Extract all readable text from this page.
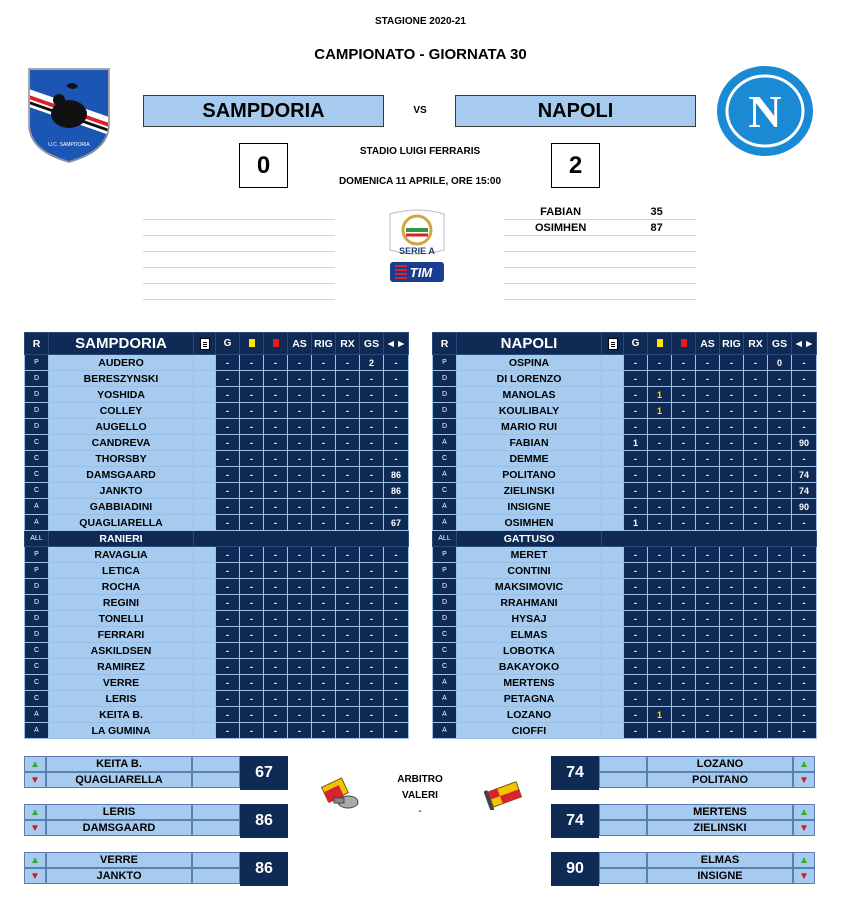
STAGIONE 2020-21
CAMPIONATO - GIORNATA 30
U.C. SAMPDORIA
N
SAMPDORIA	VS	NAPOLI
0	2
STADIO LUIGI FERRARIS
DOMENICA 11 APRILE, ORE 15:00
FABIAN	35
OSIMHEN	87
SERIE A
TIM
R	SAMPDORIA		G			AS	RIG	RX	GS	◄►
P	AUDERO		-	-	-	-	-	-	2	-
D	BERESZYNSKI		-	-	-	-	-	-	-	-
D	YOSHIDA		-	-	-	-	-	-	-	-
D	COLLEY		-	-	-	-	-	-	-	-
D	AUGELLO		-	-	-	-	-	-	-	-
C	CANDREVA		-	-	-	-	-	-	-	-
C	THORSBY		-	-	-	-	-	-	-	-
C	DAMSGAARD		-	-	-	-	-	-	-	86
C	JANKTO		-	-	-	-	-	-	-	86
A	GABBIADINI		-	-	-	-	-	-	-	-
A	QUAGLIARELLA		-	-	-	-	-	-	-	67
ALL	RANIERI									
P	RAVAGLIA		-	-	-	-	-	-	-	-
P	LETICA		-	-	-	-	-	-	-	-
D	ROCHA		-	-	-	-	-	-	-	-
D	REGINI		-	-	-	-	-	-	-	-
D	TONELLI		-	-	-	-	-	-	-	-
D	FERRARI		-	-	-	-	-	-	-	-
C	ASKILDSEN		-	-	-	-	-	-	-	-
C	RAMIREZ		-	-	-	-	-	-	-	-
C	VERRE		-	-	-	-	-	-	-	-
C	LERIS		-	-	-	-	-	-	-	-
A	KEITA B.		-	-	-	-	-	-	-	-
A	LA GUMINA		-	-	-	-	-	-	-	-
R	NAPOLI		G			AS	RIG	RX	GS	◄►
P	OSPINA		-	-	-	-	-	-	0	-
D	DI LORENZO		-	-	-	-	-	-	-	-
D	MANOLAS		-	1	-	-	-	-	-	-
D	KOULIBALY		-	1	-	-	-	-	-	-
D	MARIO RUI		-	-	-	-	-	-	-	-
A	FABIAN		1	-	-	-	-	-	-	90
C	DEMME		-	-	-	-	-	-	-	-
A	POLITANO		-	-	-	-	-	-	-	74
C	ZIELINSKI		-	-	-	-	-	-	-	74
A	INSIGNE		-	-	-	-	-	-	-	90
A	OSIMHEN		1	-	-	-	-	-	-	-
ALL	GATTUSO									
P	MERET		-	-	-	-	-	-	-	-
P	CONTINI		-	-	-	-	-	-	-	-
D	MAKSIMOVIC		-	-	-	-	-	-	-	-
D	RRAHMANI		-	-	-	-	-	-	-	-
D	HYSAJ		-	-	-	-	-	-	-	-
C	ELMAS		-	-	-	-	-	-	-	-
C	LOBOTKA		-	-	-	-	-	-	-	-
C	BAKAYOKO		-	-	-	-	-	-	-	-
A	MERTENS		-	-	-	-	-	-	-	-
A	PETAGNA		-	-	-	-	-	-	-	-
A	LOZANO		-	1	-	-	-	-	-	-
A	CIOFFI		-	-	-	-	-	-	-	-
▲
▼
KEITA B.
QUAGLIARELLA	67
▲
▼
LERIS
DAMSGAARD	86
▲
▼
VERRE
JANKTO	86
74	LOZANO
POLITANO
▲
▼
74	MERTENS
ZIELINSKI
▲
▼
90	ELMAS
INSIGNE
▲
▼
ARBITRO
VALERI
-
